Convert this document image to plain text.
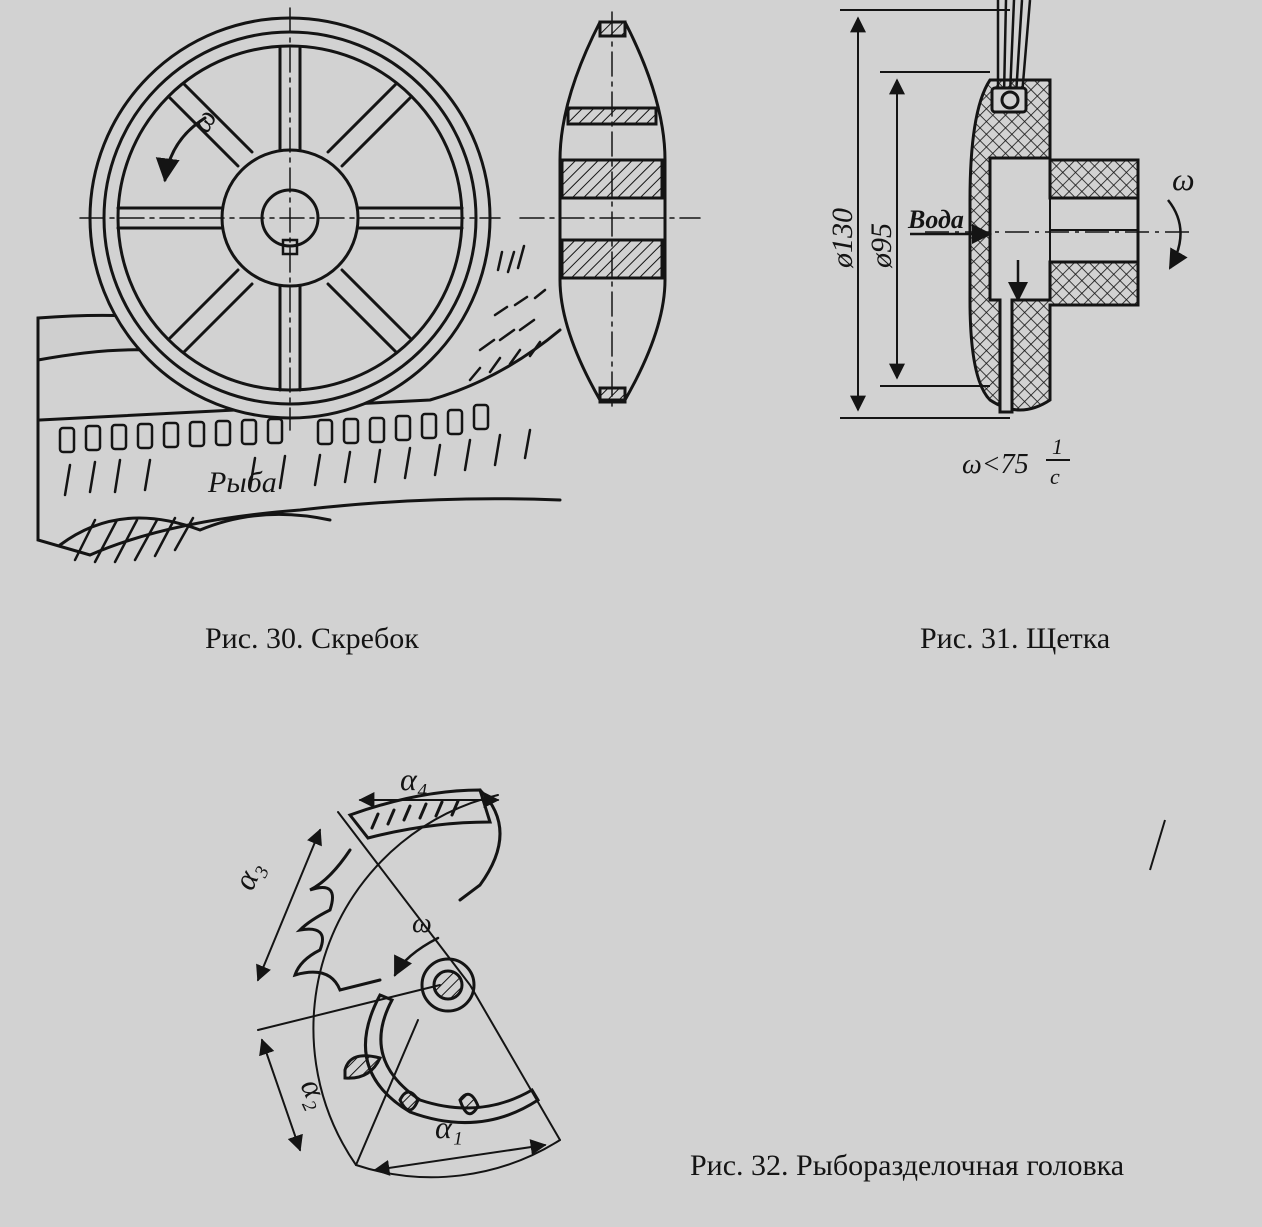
ω
Рыба
Рис. 30. Скребок
ø130 ø95
Вода
ω
ω<75
1
c
Рис. 31. Щетка
ω
α₄
α₃
α₂
α₁
Рис. 32. Рыборазделочная головка
